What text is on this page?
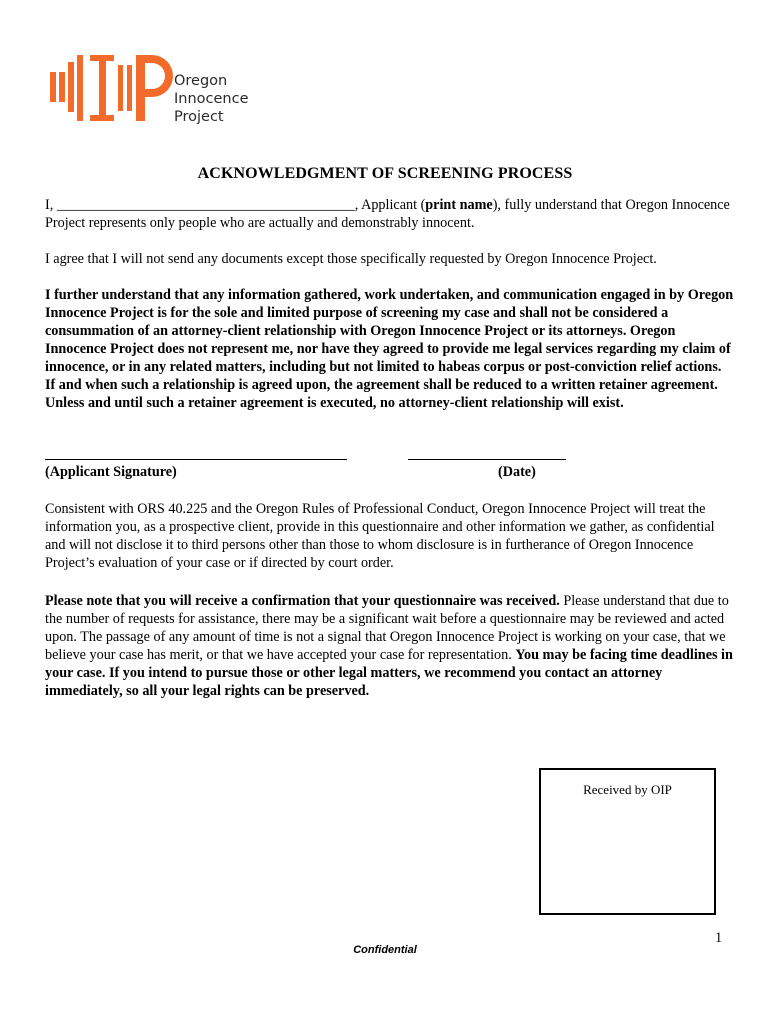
Oregon
Innocence
Project
ACKNOWLEDGMENT OF SCREENING PROCESS
I, __________________________________________, Applicant (print name), fully understand that Oregon Innocence Project represents only people who are actually and demonstrably innocent.
I agree that I will not send any documents except those specifically requested by Oregon Innocence Project.
I further understand that any information gathered, work undertaken, and communication engaged in by Oregon Innocence Project is for the sole and limited purpose of screening my case and shall not be considered a consummation of an attorney-client relationship with Oregon Innocence Project or its attorneys. Oregon Innocence Project does not represent me, nor have they agreed to provide me legal services regarding my claim of innocence, or in any related matters, including but not limited to habeas corpus or post-conviction relief actions. If and when such a relationship is agreed upon, the agreement shall be reduced to a written retainer agreement. Unless and until such a retainer agreement is executed, no attorney-client relationship will exist.
(Applicant Signature)	(Date)
Consistent with ORS 40.225 and the Oregon Rules of Professional Conduct, Oregon Innocence Project will treat the information you, as a prospective client, provide in this questionnaire and other information we gather, as confidential and will not disclose it to third persons other than those to whom disclosure is in furtherance of Oregon Innocence Project’s evaluation of your case or if directed by court order.
Please note that you will receive a confirmation that your questionnaire was received. Please understand that due to the number of requests for assistance, there may be a significant wait before a questionnaire may be reviewed and acted upon. The passage of any amount of time is not a signal that Oregon Innocence Project is working on your case, that we believe your case has merit, or that we have accepted your case for representation. You may be facing time deadlines in your case. If you intend to pursue those or other legal matters, we recommend you contact an attorney immediately, so all your legal rights can be preserved.
Received by OIP
1
Confidential
